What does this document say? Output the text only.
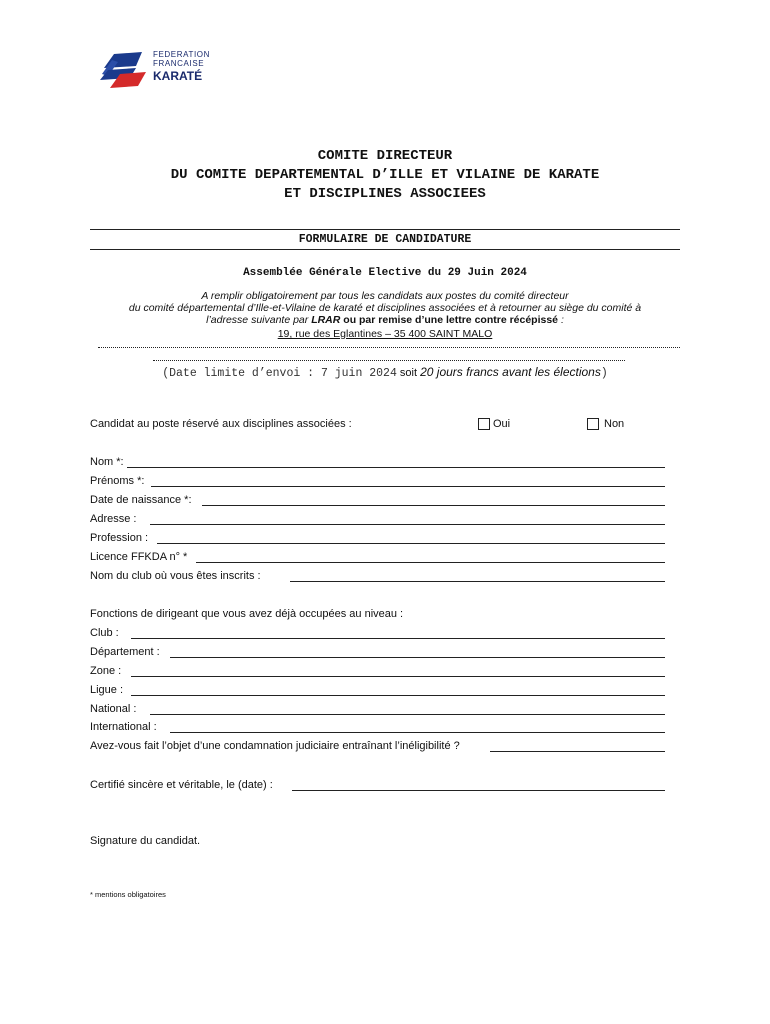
FEDERATION
FRANCAISE
KARATÉ
COMITE DIRECTEUR
DU COMITE DEPARTEMENTAL D’ILLE ET VILAINE DE KARATE
ET DISCIPLINES ASSOCIEES
FORMULAIRE DE CANDIDATURE
Assemblée Générale Elective du 29 Juin 2024
A remplir obligatoirement par tous les candidats aux postes du comité directeur
du comité départemental d’Ille-et-Vilaine de karaté et disciplines associées et à retourner au siège du comité à
l’adresse suivante par LRAR ou par remise d’une lettre contre récépissé :
19, rue des Eglantines – 35 400 SAINT MALO
(Date limite d’envoi : 7 juin 2024 soit 20 jours francs avant les élections)
Candidat au poste réservé aux disciplines associées :	Oui	Non
Nom *:
Prénoms *:
Date de naissance *:
Adresse :
Profession :
Licence FFKDA n° *
Nom du club où vous êtes inscrits :
Fonctions de dirigeant que vous avez déjà occupées au niveau :
Club :
Département :
Zone :
Ligue :
National :
International :
Avez-vous fait l’objet d’une condamnation judiciaire entraînant l’inéligibilité ?
Certifié sincère et véritable, le (date) :
Signature du candidat.
* mentions obligatoires
